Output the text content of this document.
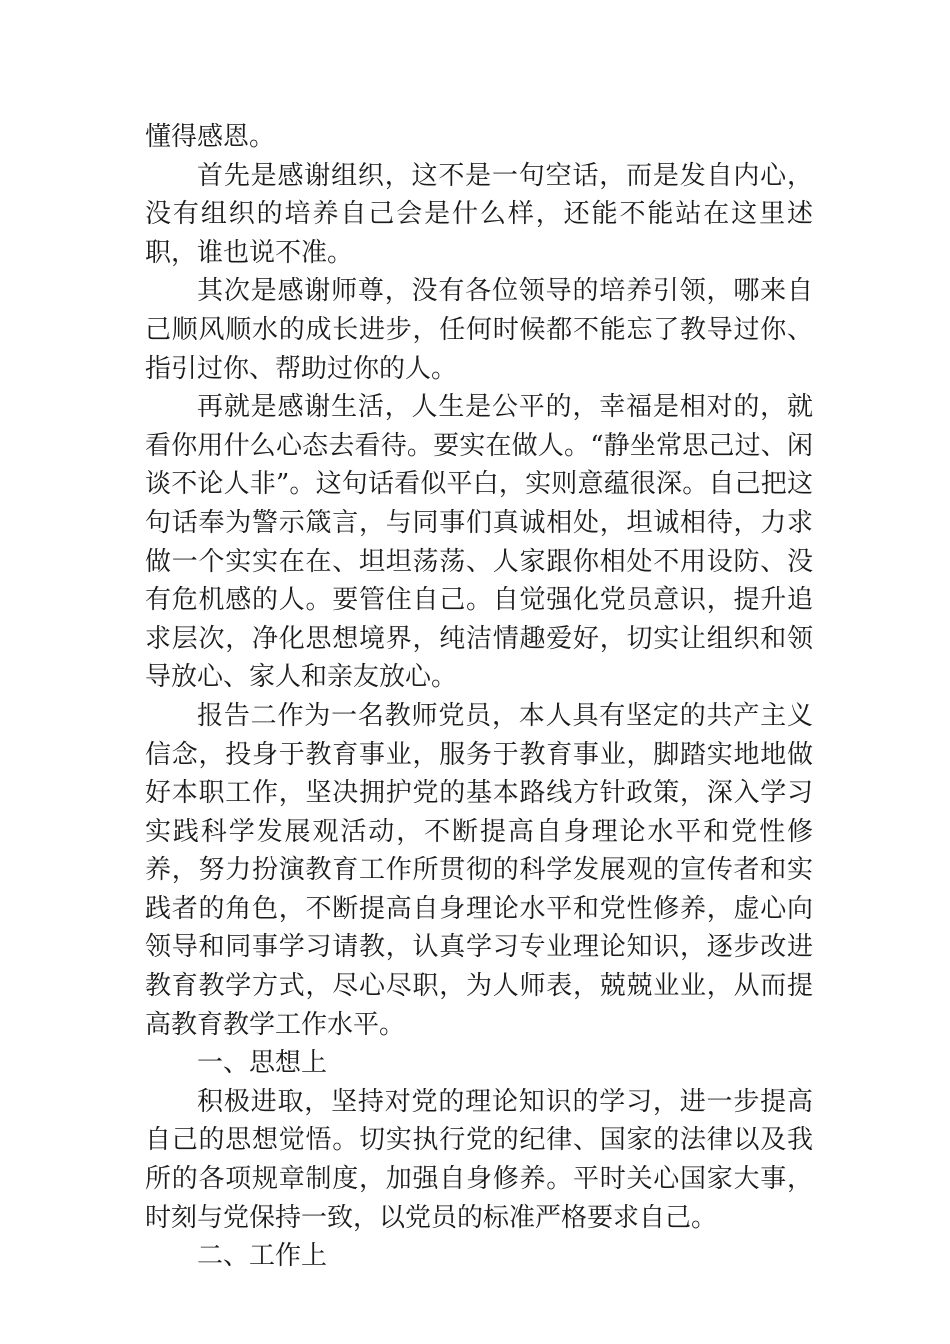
懂得感恩。

首先是感谢组织，这不是一句空话，而是发自内心，没有组织的培养自己会是什么样，还能不能站在这里述职，谁也说不准。

其次是感谢师尊，没有各位领导的培养引领，哪来自己顺风顺水的成长进步，任何时候都不能忘了教导过你、指引过你、帮助过你的人。

再就是感谢生活，人生是公平的，幸福是相对的，就看你用什么心态去看待。要实在做人。“静坐常思己过、闲谈不论人非”。这句话看似平白，实则意蕴很深。自己把这句话奉为警示箴言，与同事们真诚相处，坦诚相待，力求做一个实实在在、坦坦荡荡、人家跟你相处不用设防、没有危机感的人。要管住自己。自觉强化党员意识，提升追求层次，净化思想境界，纯洁情趣爱好，切实让组织和领导放心、家人和亲友放心。

报告二作为一名教师党员，本人具有坚定的共产主义信念，投身于教育事业，服务于教育事业，脚踏实地地做好本职工作，坚决拥护党的基本路线方针政策，深入学习实践科学发展观活动，不断提高自身理论水平和党性修养，努力扮演教育工作所贯彻的科学发展观的宣传者和实践者的角色，不断提高自身理论水平和党性修养，虚心向领导和同事学习请教，认真学习专业理论知识，逐步改进教育教学方式，尽心尽职，为人师表，兢兢业业，从而提高教育教学工作水平。

一、思想上

积极进取，坚持对党的理论知识的学习，进一步提高自己的思想觉悟。切实执行党的纪律、国家的法律以及我所的各项规章制度，加强自身修养。平时关心国家大事，时刻与党保持一致，以党员的标准严格要求自己。

二、工作上
